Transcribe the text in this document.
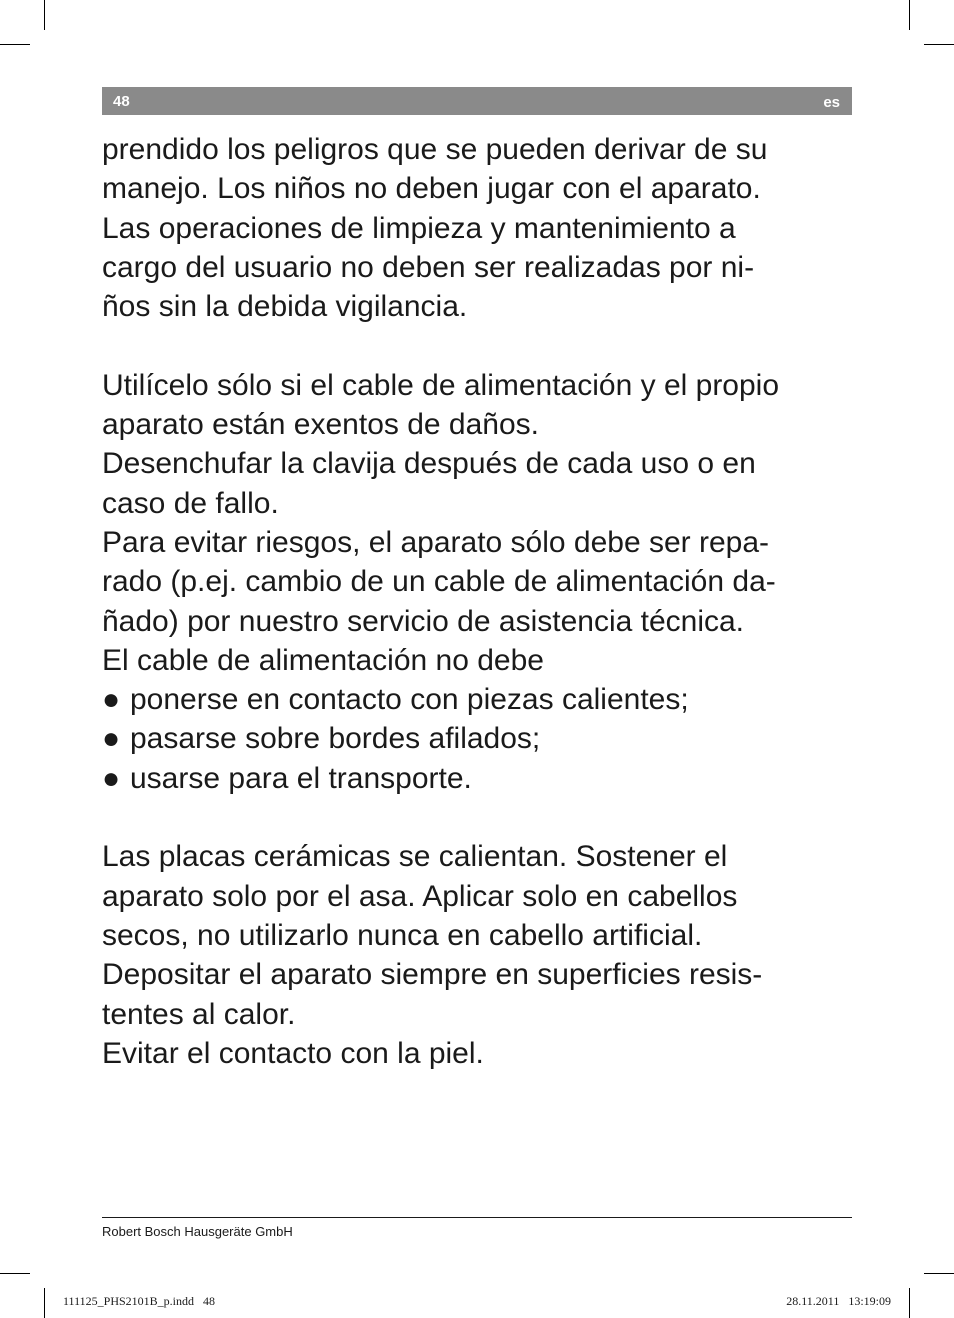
48	es

prendido los peligros que se pueden derivar de su

manejo. Los niños no deben jugar con el aparato.

Las operaciones de limpieza y mantenimiento a

cargo del usuario no deben ser realizadas por ni-

ños sin la debida vigilancia.

Utilícelo sólo si el cable de alimentación y el propio

aparato están exentos de daños.

Desenchufar la clavija después de cada uso o en

caso de fallo.

Para evitar riesgos, el aparato sólo debe ser repa-

rado (p.ej. cambio de un cable de alimentación da-

ñado) por nuestro servicio de asistencia técnica.

El cable de alimentación no debe

● ponerse en contacto con piezas calientes;

● pasarse sobre bordes afilados;

● usarse para el transporte.

Las placas cerámicas se calientan. Sostener el

aparato solo por el asa. Aplicar solo en cabellos

secos, no utilizarlo nunca en cabello artificial.

Depositar el aparato siempre en superficies resis-

tentes al calor.

Evitar el contacto con la piel.

Robert Bosch Hausgeräte GmbH
111125_PHS2101B_p.indd   48	28.11.2011   13:19:09
